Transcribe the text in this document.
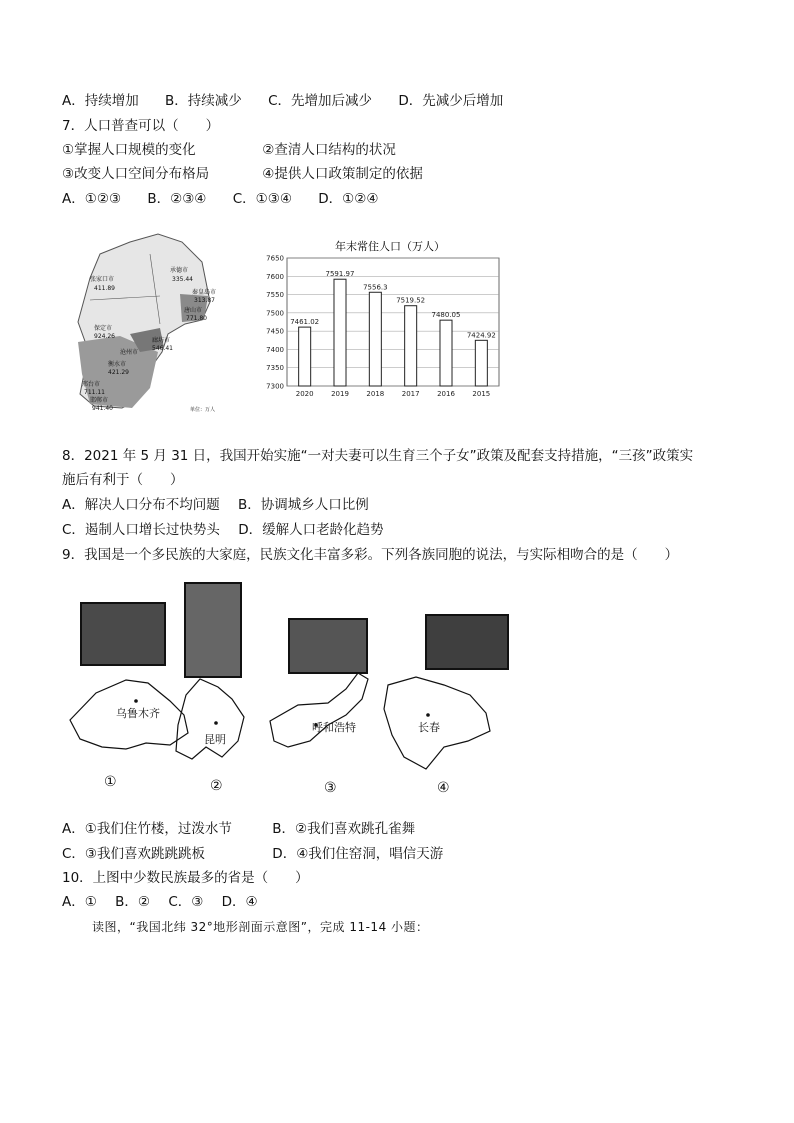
A．持续增加 B．持续减少 C．先增加后减少 D．先减少后增加
7．人口普查可以（　　）
①掌握人口规模的变化	②查清人口结构的状况
③改变人口空间分布格局	④提供人口政策制定的依据
A．①②③ B．②③④ C．①③④ D．①②④
张家口市
411.89
承德市
335.44
秦皇岛市
313.87
唐山市
771.80
保定市
924.26
廊坊市
546.41
沧州市
衡水市
421.29
邢台市
711.11
邯郸市
941.40	单位：万人
年末常住人口（万人）
7300
7350
7400
7450
7500
7550
7600
7650
7461.02
2020
7591.97
2019
7556.3
2018
7519.52
2017
7480.05
2016
7424.92
2015
8．2021 年 5 月 31 日，我国开始实施“一对夫妻可以生育三个子女”政策及配套支持措施，“三孩”政策实
施后有利于（　　）
A．解决人口分布不均问题 B．协调城乡人口比例
C．遏制人口增长过快势头 D．缓解人口老龄化趋势
9．我国是一个多民族的大家庭，民族文化丰富多彩。下列各族同胞的说法，与实际相吻合的是（　　）
乌鲁木齐
昆明
呼和浩特	长春
①	②	③	④
A．①我们住竹楼，过泼水节	B．②我们喜欢跳孔雀舞
C．③我们喜欢跳跳跳板	D．④我们住窑洞，唱信天游
10．上图中少数民族最多的省是（　　）
A．① B．② C．③ D．④
读图，“我国北纬 32°地形剖面示意图”，完成 11-14 小题：
